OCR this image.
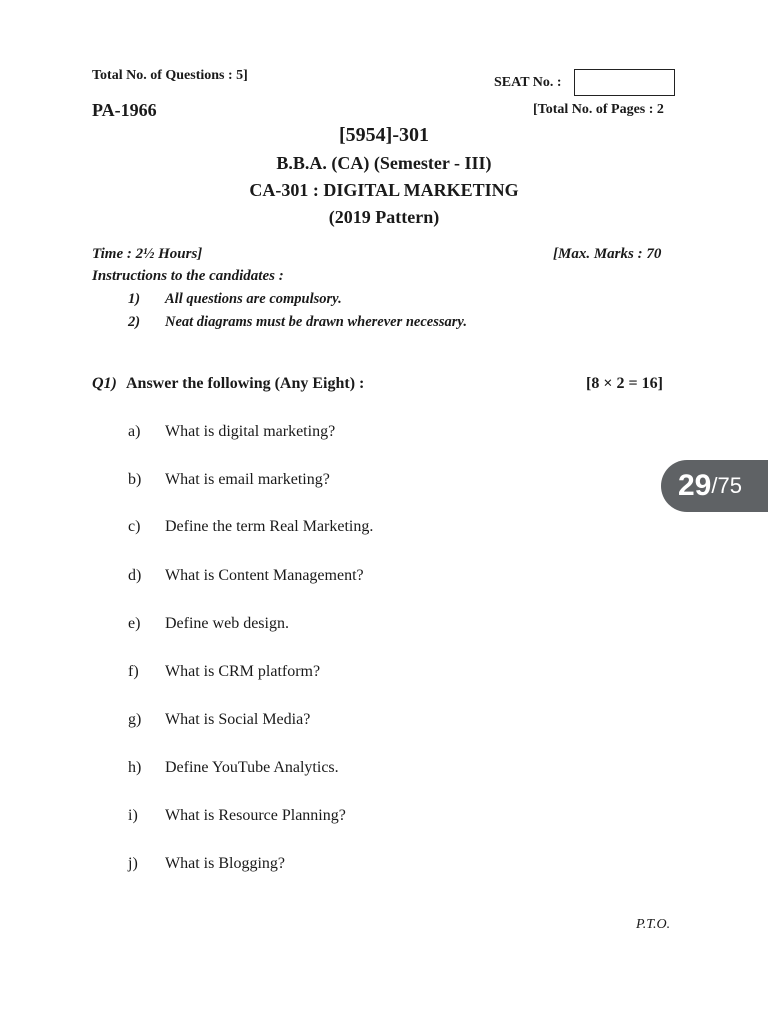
Total No. of Questions : 5]	SEAT No. :
PA-1966	[Total No. of Pages : 2
[5954]-301
B.B.A. (CA) (Semester - III)
CA-301 : DIGITAL MARKETING
(2019 Pattern)
Time : 2½ Hours]	[Max. Marks : 70
Instructions to the candidates :
1) All questions are compulsory.
2) Neat diagrams must be drawn wherever necessary.
Q1) Answer the following (Any Eight) :	[8 × 2 = 16]
a) What is digital marketing?
b) What is email marketing?
c) Define the term Real Marketing.
d) What is Content Management?
e) Define web design.
f) What is CRM platform?
g) What is Social Media?
h) Define YouTube Analytics.
i) What is Resource Planning?
j) What is Blogging?
P.T.O.
29 / 75
